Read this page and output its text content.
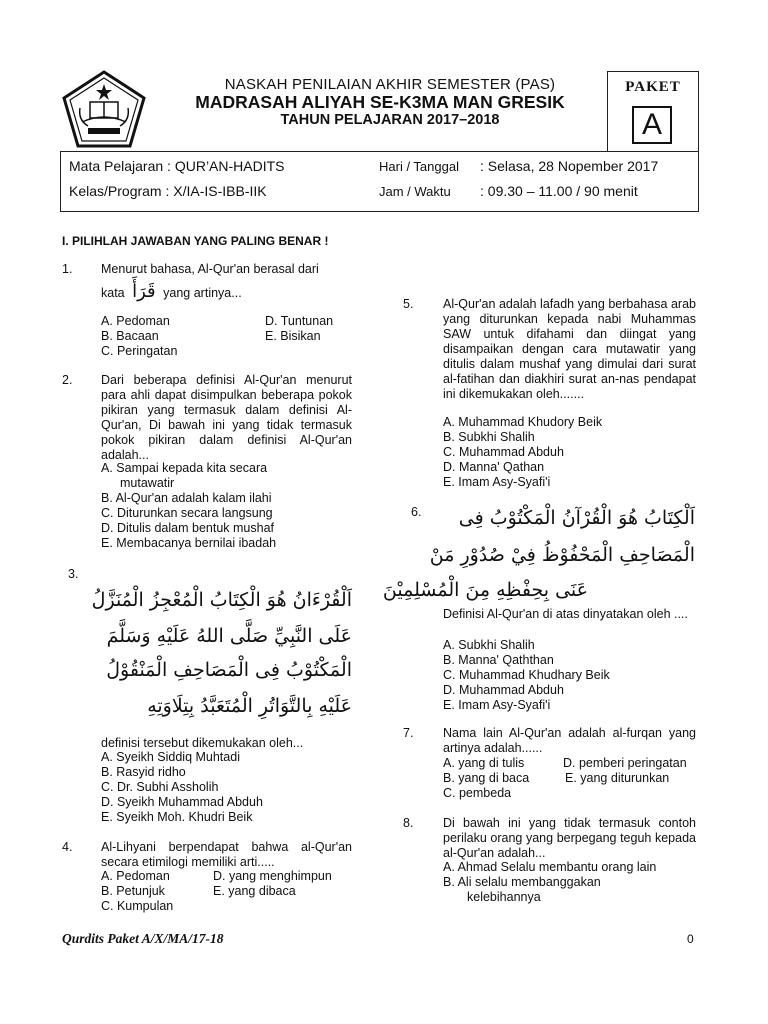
NASKAH PENILAIAN AKHIR SEMESTER (PAS)
MADRASAH ALIYAH SE-K3MA MAN GRESIK
TAHUN PELAJARAN 2017–2018
PAKET
A
Mata Pelajaran : QUR’AN-HADITS
Kelas/Program : X/IA-IS-IBB-IIK
Hari / Tanggal : Selasa, 28 Nopember 2017
Jam / Waktu : 09.30 – 11.00 / 90 menit
I. PILIHLAH JAWABAN YANG PALING BENAR !
1. Menurut bahasa, Al-Qur'an berasal dari
kata قَرَأَ yang artinya...
A. Pedoman	D. Tuntunan
B. Bacaan	E. Bisikan
C. Peringatan
2. Dari beberapa definisi Al-Qur'an menurut para ahli dapat disimpulkan beberapa pokok pikiran yang termasuk dalam definisi Al-Qur'an, Di bawah ini yang tidak termasuk pokok pikiran dalam definisi Al-Qur'an adalah...
A. Sampai kepada kita secara
mutawatir
B. Al-Qur'an adalah kalam ilahi
C. Diturunkan secara langsung
D. Ditulis dalam bentuk mushaf
E. Membacanya bernilai ibadah
3.
اَلْقُرْءَانُ هُوَ الْكِتَابُ الْمُعْجِزُ الْمُنَزَّلُ
عَلَى النَّبِيِّ صَلَّى اللهُ عَلَيْهِ وَسَلَّمَ
الْمَكْتُوْبُ فِى الْمَصَاحِفِ الْمَنْقُوْلُ
عَلَيْهِ بِالتَّوَاتُرِ الْمُتَعَبَّدُ بِتِلَاوَتِهِ
definisi tersebut dikemukakan oleh...
A. Syeikh Siddiq Muhtadi
B. Rasyid ridho
C. Dr. Subhi Assholih
D. Syeikh Muhammad Abduh
E. Syeikh Moh. Khudri Beik
4. Al-Lihyani berpendapat bahwa al-Qur'an secara etimilogi memiliki arti.....
A. Pedoman	D. yang menghimpun
B. Petunjuk	E. yang dibaca
C. Kumpulan
5. Al-Qur'an adalah lafadh yang berbahasa arab yang diturunkan kepada nabi Muhammas SAW untuk difahami dan diingat yang disampaikan dengan cara mutawatir yang ditulis dalam mushaf yang dimulai dari surat al-fatihan dan diakhiri surat an-nas pendapat ini dikemukakan oleh.......
A. Muhammad Khudory Beik
B. Subkhi Shalih
C. Muhammad Abduh
D. Manna' Qathan
E. Imam Asy-Syafi'i
6.	اَلْكِتَابُ هُوَ الْقُرْآنُ الْمَكْتُوْبُ فِى
الْمَصَاحِفِ الْمَحْفُوْظُ فِيْ صُدُوْرِ مَنْ
عَنَى بِحِفْظِهِ مِنَ الْمُسْلِمِيْنَ
Definisi Al-Qur'an di atas dinyatakan oleh ....
A. Subkhi Shalih
B. Manna' Qaththan
C. Muhammad Khudhary Beik
D. Muhammad Abduh
E. Imam Asy-Syafi'i
7. Nama lain Al-Qur'an adalah al-furqan yang artinya adalah......
A. yang di tulis	D. pemberi peringatan
B. yang di baca	E. yang diturunkan
C. pembeda
8. Di bawah ini yang tidak termasuk contoh perilaku orang yang berpegang teguh kepada al-Qur'an adalah...
A. Ahmad Selalu membantu orang lain
B. Ali selalu membanggakan
kelebihannya
Qurdits Paket A/X/MA/17-18	0
